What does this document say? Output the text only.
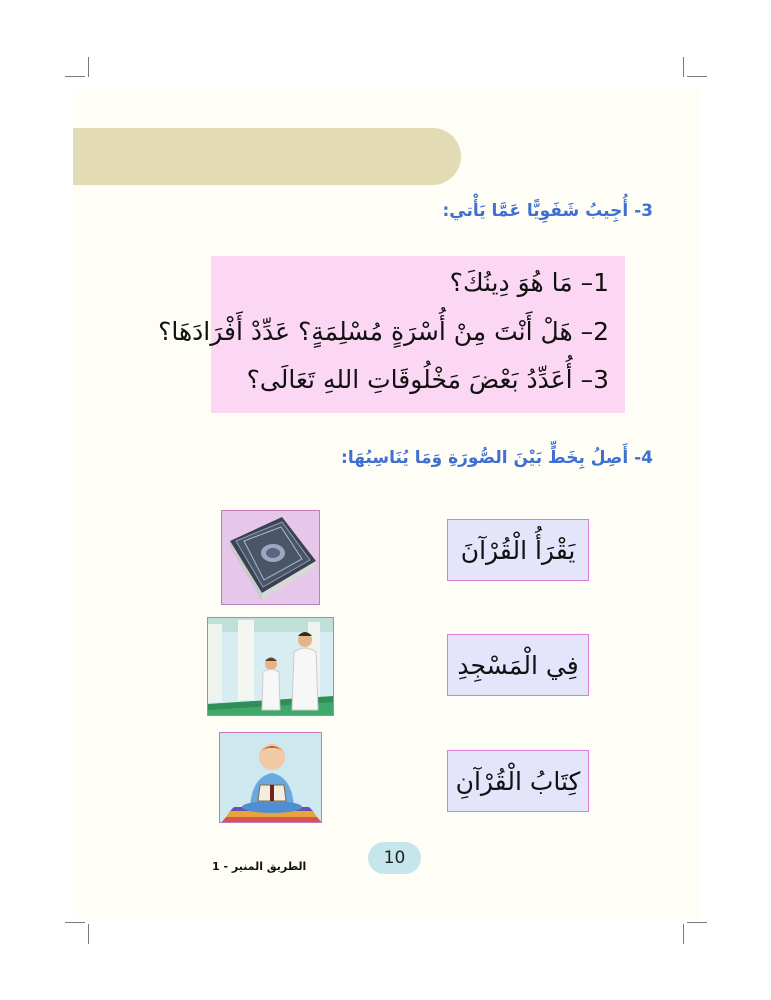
3- أُجِيبُ شَفَوِيًّا عَمَّا يَأْتي:
1– مَا هُوَ دِينُكَ؟
2– هَلْ أَنْتَ مِنْ أُسْرَةٍ مُسْلِمَةٍ؟ عَدِّدْ أَفْرَادَهَا؟
3– أُعَدِّدُ بَعْضَ مَخْلُوقَاتِ اللهِ تَعَالَى؟
4- أَصِلُ بِخَطٍّ بَيْنَ الصُّورَةِ وَمَا يُنَاسِبُهَا:
يَقْرَأُ الْقُرْآنَ
فِي الْمَسْجِدِ
كِتَابُ الْقُرْآنِ
10
الطريق المنير - 1
